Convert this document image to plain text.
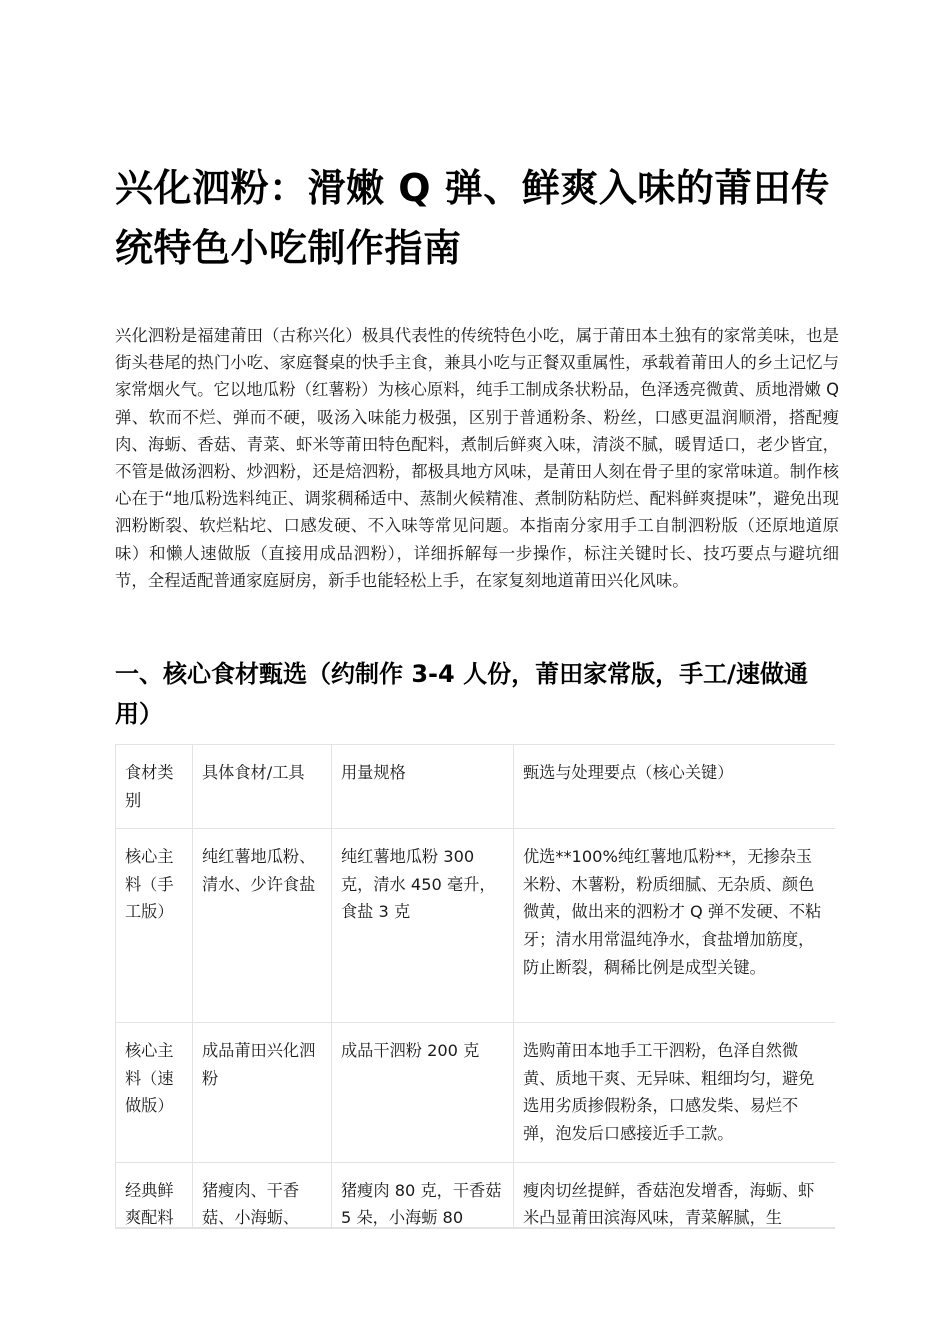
兴化泗粉：滑嫩 Q 弹、鲜爽入味的莆田传统特色小吃制作指南

兴化泗粉是福建莆田（古称兴化）极具代表性的传统特色小吃，属于莆田本土独有的家常美味，也是街头巷尾的热门小吃、家庭餐桌的快手主食，兼具小吃与正餐双重属性，承载着莆田人的乡土记忆与家常烟火气。它以地瓜粉（红薯粉）为核心原料，纯手工制成条状粉品，色泽透亮微黄、质地滑嫩 Q 弹、软而不烂、弹而不硬，吸汤入味能力极强，区别于普通粉条、粉丝，口感更温润顺滑，搭配瘦肉、海蛎、香菇、青菜、虾米等莆田特色配料，煮制后鲜爽入味，清淡不腻，暖胃适口，老少皆宜，不管是做汤泗粉、炒泗粉，还是焙泗粉，都极具地方风味，是莆田人刻在骨子里的家常味道。制作核心在于“地瓜粉选料纯正、调浆稠稀适中、蒸制火候精准、煮制防粘防烂、配料鲜爽提味”，避免出现泗粉断裂、软烂粘坨、口感发硬、不入味等常见问题。本指南分家用手工自制泗粉版（还原地道原味）和懒人速做版（直接用成品泗粉），详细拆解每一步操作，标注关键时长、技巧要点与避坑细节，全程适配普通家庭厨房，新手也能轻松上手，在家复刻地道莆田兴化风味。

一、核心食材甄选（约制作 3-4 人份，莆田家常版，手工/速做通用）
食材类别	具体食材/工具	用量规格	甄选与处理要点（核心关键）
核心主料（手工版）	纯红薯地瓜粉、清水、少许食盐	纯红薯地瓜粉 300 克，清水 450 毫升，食盐 3 克	优选**100%纯红薯地瓜粉**，无掺杂玉米粉、木薯粉，粉质细腻、无杂质、颜色微黄，做出来的泗粉才 Q 弹不发硬、不粘牙；清水用常温纯净水，食盐增加筋度，防止断裂，稠稀比例是成型关键。
核心主料（速做版）	成品莆田兴化泗粉	成品干泗粉 200 克	选购莆田本地手工干泗粉，色泽自然微黄、质地干爽、无异味、粗细均匀，避免选用劣质掺假粉条，口感发柴、易烂不弹，泡发后口感接近手工款。
经典鲜爽配料	猪瘦肉、干香菇、小海蛎、	猪瘦肉 80 克，干香菇 5 朵，小海蛎 80	瘦肉切丝提鲜，香菇泡发增香，海蛎、虾米凸显莆田滨海风味，青菜解腻，生
